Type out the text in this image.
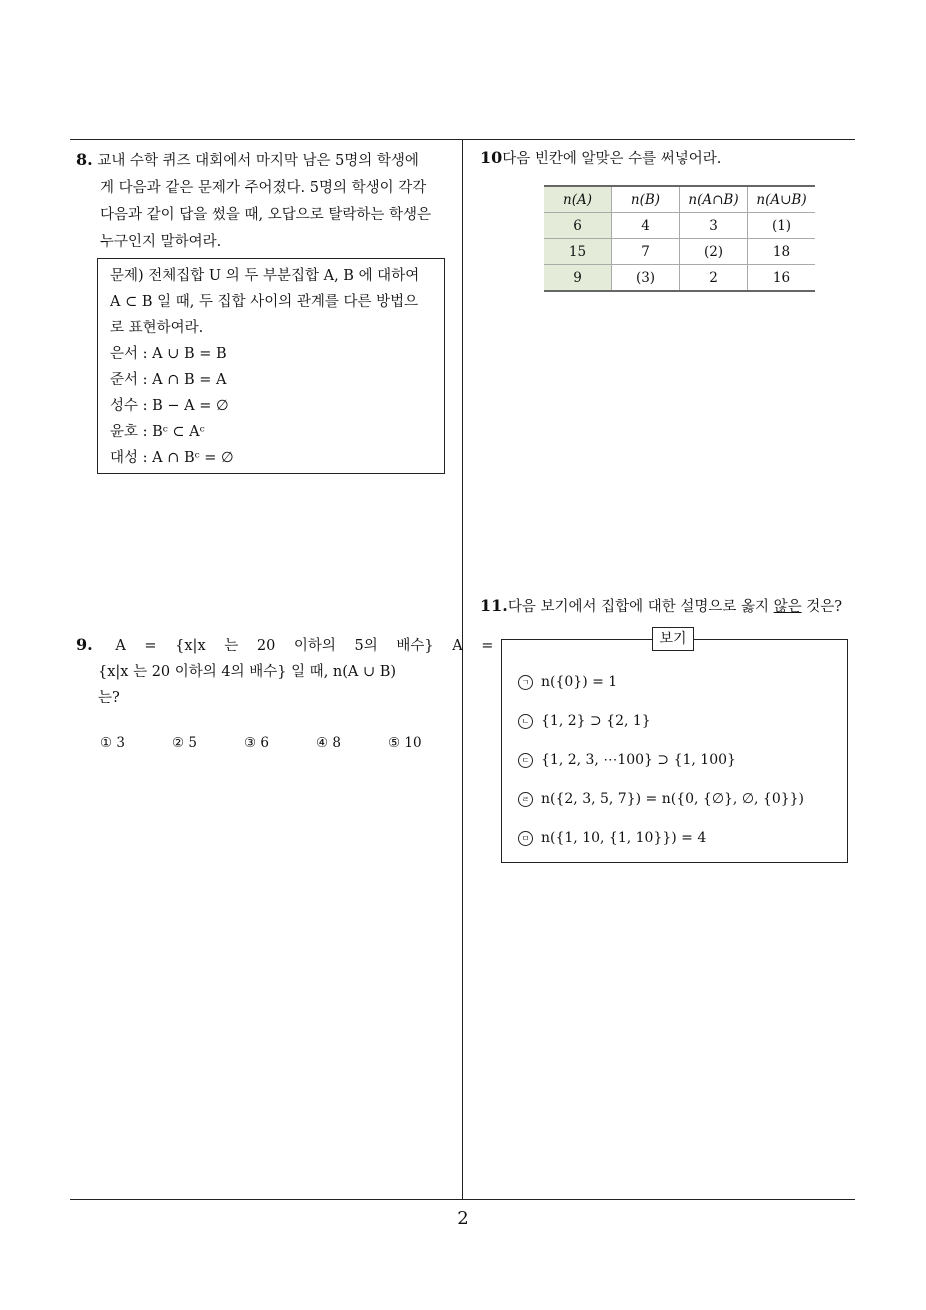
8. 교내 수학 퀴즈 대회에서 마지막 남은 5명의 학생에
게 다음과 같은 문제가 주어졌다. 5명의 학생이 각각
다음과 같이 답을 썼을 때, 오답으로 탈락하는 학생은
누구인지 말하여라.
문제) 전체집합 U 의 두 부분집합 A, B 에 대하여
A ⊂ B 일 때, 두 집합 사이의 관계를 다른 방법으
로 표현하여라.
은서 : A ∪ B = B
준서 : A ∩ B = A
성수 : B − A = ∅
윤호 : Bᶜ ⊂ Aᶜ
대성 : A ∩ Bᶜ = ∅
9. A = {x|x 는 20 이하의 5의 배수} A =
{x|x 는 20 이하의 4의 배수} 일 때, n(A ∪ B)
는?
① 3	② 5	③ 6	④ 8	⑤ 10
10다음 빈칸에 알맞은 수를 써넣어라.
n(A)	n(B)	n(A∩B)	n(A∪B)
6	4	3	(1)
15	7	(2)	18
9	(3)	2	16
11.다음 보기에서 집합에 대한 설명으로 옳지 않은 것은?
보기
ㄱ n({0}) = 1
ㄴ {1, 2} ⊃ {2, 1}
ㄷ {1, 2, 3, ⋯100} ⊃ {1, 100}
ㄹ n({2, 3, 5, 7}) = n({0, {∅}, ∅, {0}})
ㅁ n({1, 10, {1, 10}}) = 4
2
